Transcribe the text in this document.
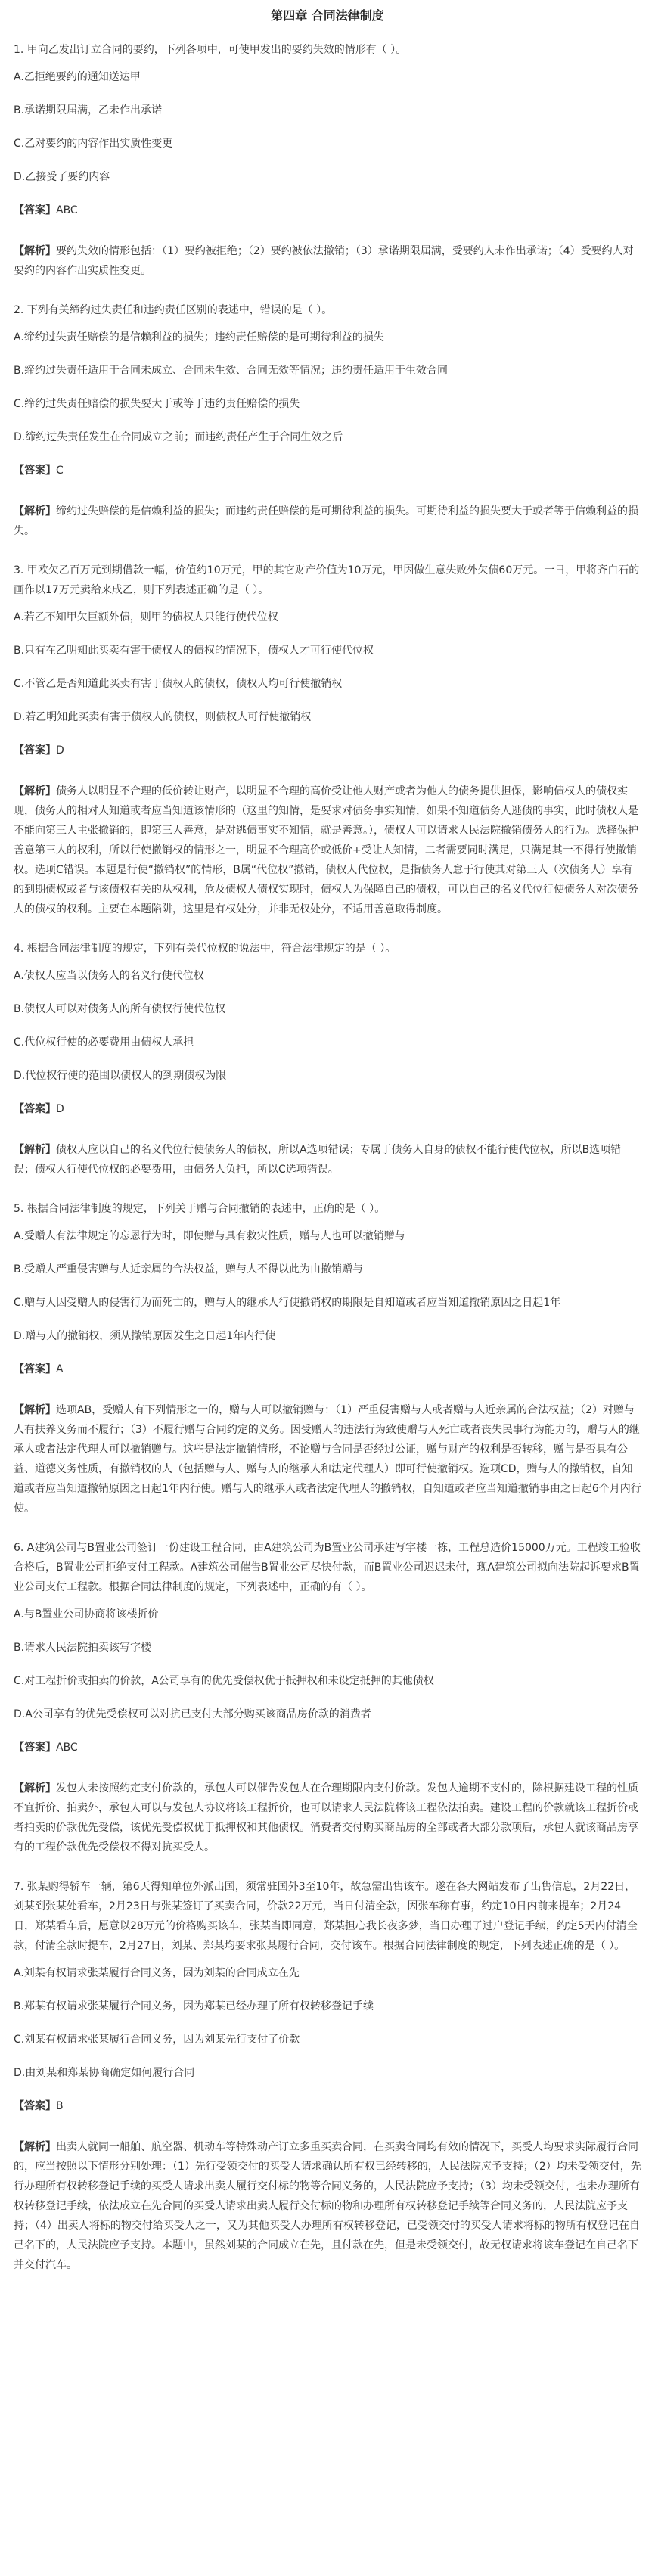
第四章 合同法律制度
1. 甲向乙发出订立合同的要约，下列各项中，可使甲发出的要约失效的情形有（ ）。
A.乙拒绝要约的通知送达甲
B.承诺期限届满，乙未作出承诺
C.乙对要约的内容作出实质性变更
D.乙接受了要约内容
【答案】ABC
【解析】要约失效的情形包括：（1）要约被拒绝；（2）要约被依法撤销；（3）承诺期限届满，受要约人未作出承诺；（4）受要约人对要约的内容作出实质性变更。
2. 下列有关缔约过失责任和违约责任区别的表述中，错误的是（ ）。
A.缔约过失责任赔偿的是信赖利益的损失；违约责任赔偿的是可期待利益的损失
B.缔约过失责任适用于合同未成立、合同未生效、合同无效等情况；违约责任适用于生效合同
C.缔约过失责任赔偿的损失要大于或等于违约责任赔偿的损失
D.缔约过失责任发生在合同成立之前；而违约责任产生于合同生效之后
【答案】C
【解析】缔约过失赔偿的是信赖利益的损失；而违约责任赔偿的是可期待利益的损失。可期待利益的损失要大于或者等于信赖利益的损失。
3. 甲欧欠乙百万元到期借款一幅，价值约10万元，甲的其它财产价值为10万元，甲因做生意失败外欠债60万元。一日，甲将齐白石的画作以17万元卖给来成乙，则下列表述正确的是（ ）。
A.若乙不知甲欠巨额外债，则甲的债权人只能行使代位权
B.只有在乙明知此买卖有害于债权人的债权的情况下，债权人才可行使代位权
C.不管乙是否知道此买卖有害于债权人的债权，债权人均可行使撤销权
D.若乙明知此买卖有害于债权人的债权，则债权人可行使撤销权
【答案】D
【解析】债务人以明显不合理的低价转让财产，以明显不合理的高价受让他人财产或者为他人的债务提供担保，影响债权人的债权实现，债务人的相对人知道或者应当知道该情形的（这里的知情，是要求对债务事实知情，如果不知道债务人逃债的事实，此时债权人是不能向第三人主张撤销的，即第三人善意，是对逃债事实不知情，就是善意。），债权人可以请求人民法院撤销债务人的行为。选择保护善意第三人的权利，所以行使撤销权的情形之一，明显不合理高价或低价+受让人知情，二者需要同时满足，只满足其一不得行使撤销权。选项C错误。本题是行使“撤销权”的情形，B属“代位权”撤销，债权人代位权，是指债务人怠于行使其对第三人（次债务人）享有的到期债权或者与该债权有关的从权利，危及债权人债权实现时，债权人为保障自己的债权，可以自己的名义代位行使债务人对次债务人的债权的权利。主要在本题陷阱，这里是有权处分，并非无权处分，不适用善意取得制度。
4. 根据合同法律制度的规定，下列有关代位权的说法中，符合法律规定的是（ ）。
A.债权人应当以债务人的名义行使代位权
B.债权人可以对债务人的所有债权行使代位权
C.代位权行使的必要费用由债权人承担
D.代位权行使的范围以债权人的到期债权为限
【答案】D
【解析】债权人应以自己的名义代位行使债务人的债权，所以A选项错误；专属于债务人自身的债权不能行使代位权，所以B选项错误；债权人行使代位权的必要费用，由债务人负担，所以C选项错误。
5. 根据合同法律制度的规定，下列关于赠与合同撤销的表述中，正确的是（ ）。
A.受赠人有法律规定的忘恩行为时，即使赠与具有救灾性质，赠与人也可以撤销赠与
B.受赠人严重侵害赠与人近亲属的合法权益，赠与人不得以此为由撤销赠与
C.赠与人因受赠人的侵害行为而死亡的，赠与人的继承人行使撤销权的期限是自知道或者应当知道撤销原因之日起1年
D.赠与人的撤销权，须从撤销原因发生之日起1年内行使
【答案】A
【解析】选项AB，受赠人有下列情形之一的，赠与人可以撤销赠与：（1）严重侵害赠与人或者赠与人近亲属的合法权益；（2）对赠与人有扶养义务而不履行；（3）不履行赠与合同约定的义务。因受赠人的违法行为致使赠与人死亡或者丧失民事行为能力的，赠与人的继承人或者法定代理人可以撤销赠与。这些是法定撤销情形，不论赠与合同是否经过公证，赠与财产的权利是否转移，赠与是否具有公益、道德义务性质，有撤销权的人（包括赠与人、赠与人的继承人和法定代理人）即可行使撤销权。选项CD，赠与人的撤销权，自知道或者应当知道撤销原因之日起1年内行使。赠与人的继承人或者法定代理人的撤销权，自知道或者应当知道撤销事由之日起6个月内行使。
6. A建筑公司与B置业公司签订一份建设工程合同，由A建筑公司为B置业公司承建写字楼一栋，工程总造价15000万元。工程竣工验收合格后，B置业公司拒绝支付工程款。A建筑公司催告B置业公司尽快付款，而B置业公司迟迟未付，现A建筑公司拟向法院起诉要求B置业公司支付工程款。根据合同法律制度的规定，下列表述中，正确的有（ ）。
A.与B置业公司协商将该楼折价
B.请求人民法院拍卖该写字楼
C.对工程折价或拍卖的价款，A公司享有的优先受偿权优于抵押权和未设定抵押的其他债权
D.A公司享有的优先受偿权可以对抗已支付大部分购买该商品房价款的消费者
【答案】ABC
【解析】发包人未按照约定支付价款的，承包人可以催告发包人在合理期限内支付价款。发包人逾期不支付的，除根据建设工程的性质不宜折价、拍卖外，承包人可以与发包人协议将该工程折价，也可以请求人民法院将该工程依法拍卖。建设工程的价款就该工程折价或者拍卖的价款优先受偿，该优先受偿权优于抵押权和其他债权。消费者交付购买商品房的全部或者大部分款项后，承包人就该商品房享有的工程价款优先受偿权不得对抗买受人。
7. 张某购得轿车一辆，第6天得知单位外派出国，须常驻国外3至10年，故急需出售该车。遂在各大网站发布了出售信息，2月22日，刘某到张某处看车，2月23日与张某签订了买卖合同，价款22万元，当日付清全款，因张车称有事，约定10日内前来提车；2月24日，郑某看车后，愿意以28万元的价格购买该车，张某当即同意，郑某担心我长夜多梦，当日办理了过户登记手续，约定5天内付清全款，付清全款时提车，2月27日，刘某、郑某均要求张某履行合同，交付该车。根据合同法律制度的规定，下列表述正确的是（ ）。
A.刘某有权请求张某履行合同义务，因为刘某的合同成立在先
B.郑某有权请求张某履行合同义务，因为郑某已经办理了所有权转移登记手续
C.刘某有权请求张某履行合同义务，因为刘某先行支付了价款
D.由刘某和郑某协商确定如何履行合同
【答案】B
【解析】出卖人就同一船舶、航空器、机动车等特殊动产订立多重买卖合同，在买卖合同均有效的情况下，买受人均要求实际履行合同的，应当按照以下情形分别处理：（1）先行受领交付的买受人请求确认所有权已经转移的，人民法院应予支持；（2）均未受领交付，先行办理所有权转移登记手续的买受人请求出卖人履行交付标的物等合同义务的，人民法院应予支持；（3）均未受领交付，也未办理所有权转移登记手续，依法成立在先合同的买受人请求出卖人履行交付标的物和办理所有权转移登记手续等合同义务的，人民法院应予支持；（4）出卖人将标的物交付给买受人之一，又为其他买受人办理所有权转移登记，已受领交付的买受人请求将标的物所有权登记在自己名下的，人民法院应予支持。本题中，虽然刘某的合同成立在先，且付款在先，但是未受领交付，故无权请求将该车登记在自己名下并交付汽车。
